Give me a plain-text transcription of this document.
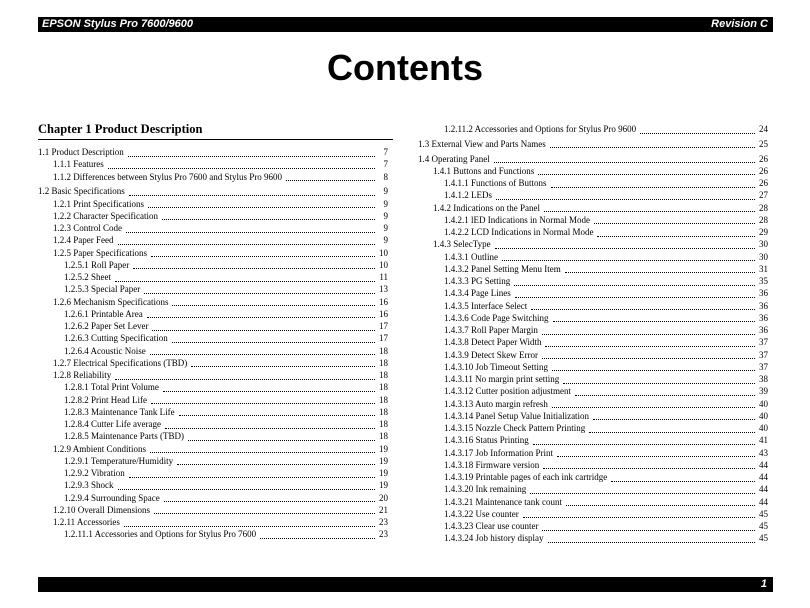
EPSON Stylus Pro 7600/9600	Revision C
Contents
Chapter 1 Product Description
1.1 Product Description	7
1.1.1 Features	7
1.1.2 Differences between Stylus Pro 7600 and Stylus Pro 9600	8
1.2 Basic Specifications	9
1.2.1 Print Specifications	9
1.2.2 Character Specification	9
1.2.3 Control Code	9
1.2.4 Paper Feed	9
1.2.5 Paper Specifications	10
1.2.5.1 Roll Paper	10
1.2.5.2 Sheet	11
1.2.5.3 Special Paper	13
1.2.6 Mechanism Specifications	16
1.2.6.1 Printable Area	16
1.2.6.2 Paper Set Lever	17
1.2.6.3 Cutting Specification	17
1.2.6.4 Acoustic Noise	18
1.2.7 Electrical Specifications (TBD)	18
1.2.8 Reliability	18
1.2.8.1 Total Print Volume	18
1.2.8.2 Print Head Life	18
1.2.8.3 Maintenance Tank Life	18
1.2.8.4 Cutter Life average	18
1.2.8.5 Maintenance Parts (TBD)	18
1.2.9 Ambient Conditions	19
1.2.9.1 Temperature/Humidity	19
1.2.9.2 Vibration	19
1.2.9.3 Shock	19
1.2.9.4 Surrounding Space	20
1.2.10 Overall Dimensions	21
1.2.11 Accessories	23
1.2.11.1 Accessories and Options for Stylus Pro 7600	23
1.2.11.2 Accessories and Options for Stylus Pro 9600	24
1.3 External View and Parts Names	25
1.4 Operating Panel	26
1.4.1 Buttons and Functions	26
1.4.1.1 Functions of Buttons	26
1.4.1.2 LEDs	27
1.4.2 Indications on the Panel	28
1.4.2.1 lED Indications in Normal Mode	28
1.4.2.2 LCD Indications in Normal Mode	29
1.4.3 SelecType	30
1.4.3.1 Outline	30
1.4.3.2 Panel Setting Menu Item	31
1.4.3.3 PG Setting	35
1.4.3.4 Page Lines	36
1.4.3.5 Interface Select	36
1.4.3.6 Code Page Switching	36
1.4.3.7 Roll Paper Margin	36
1.4.3.8 Detect Paper Width	37
1.4.3.9 Detect Skew Error	37
1.4.3.10 Job Timeout Setting	37
1.4.3.11 No margin print setting	38
1.4.3.12 Cutter position adjustment	39
1.4.3.13 Auto margin refresh	40
1.4.3.14 Panel Setup Value Initialization	40
1.4.3.15 Nozzle Check Pattern Printing	40
1.4.3.16 Status Printing	41
1.4.3.17 Job Information Print	43
1.4.3.18 Firmware version	44
1.4.3.19 Printable pages of each ink cartridge	44
1.4.3.20 Ink remaining	44
1.4.3.21 Maintenance tank count	44
1.4.3.22 Use counter	45
1.4.3.23 Clear use counter	45
1.4.3.24 Job history display	45
1
